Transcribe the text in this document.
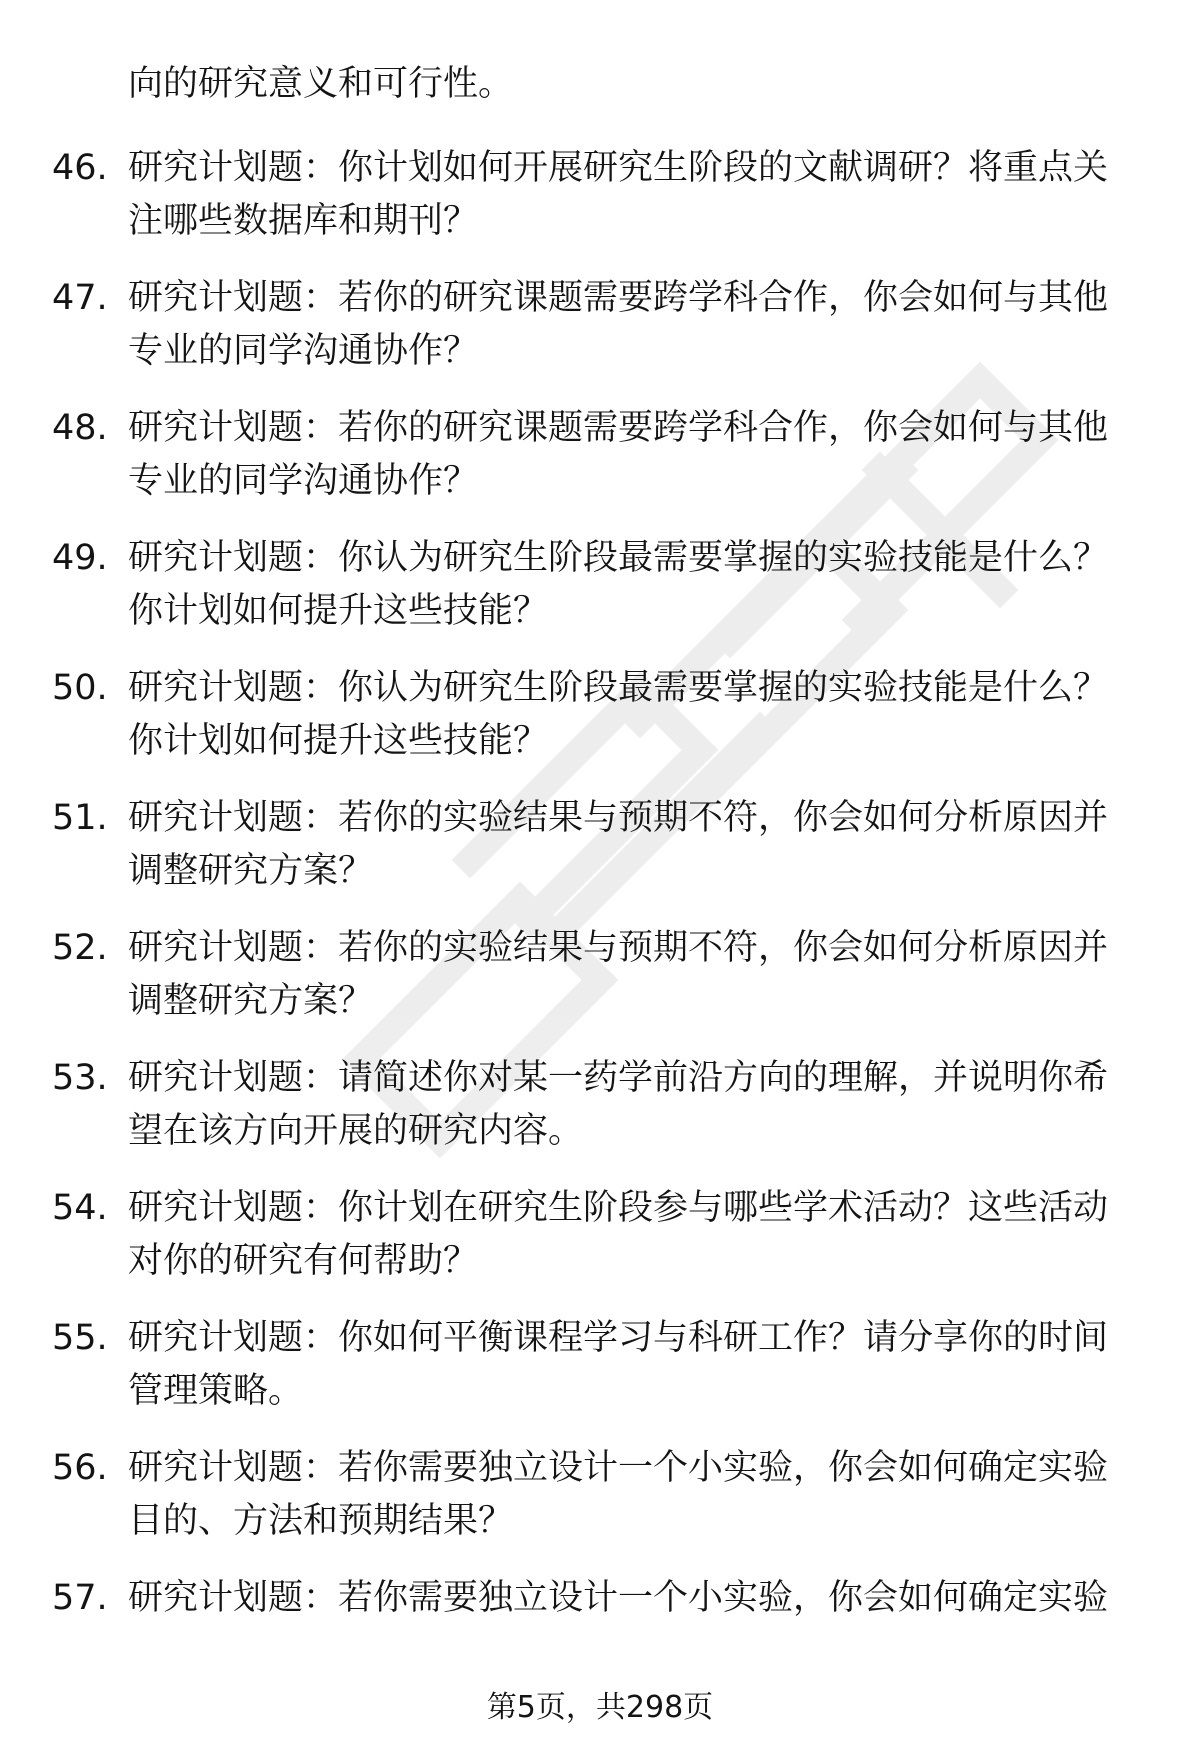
向的研究意义和可行性。

46. 研究计划题：你计划如何开展研究生阶段的文献调研？将重点关注哪些数据库和期刊？
47. 研究计划题：若你的研究课题需要跨学科合作，你会如何与其他专业的同学沟通协作？
48. 研究计划题：若你的研究课题需要跨学科合作，你会如何与其他专业的同学沟通协作？
49. 研究计划题：你认为研究生阶段最需要掌握的实验技能是什么？你计划如何提升这些技能？
50. 研究计划题：你认为研究生阶段最需要掌握的实验技能是什么？你计划如何提升这些技能？
51. 研究计划题：若你的实验结果与预期不符，你会如何分析原因并调整研究方案？
52. 研究计划题：若你的实验结果与预期不符，你会如何分析原因并调整研究方案？
53. 研究计划题：请简述你对某一药学前沿方向的理解，并说明你希望在该方向开展的研究内容。
54. 研究计划题：你计划在研究生阶段参与哪些学术活动？这些活动对你的研究有何帮助？
55. 研究计划题：你如何平衡课程学习与科研工作？请分享你的时间管理策略。
56. 研究计划题：若你需要独立设计一个小实验，你会如何确定实验目的、方法和预期结果？
57. 研究计划题：若你需要独立设计一个小实验，你会如何确定实验
第5页，共298页
